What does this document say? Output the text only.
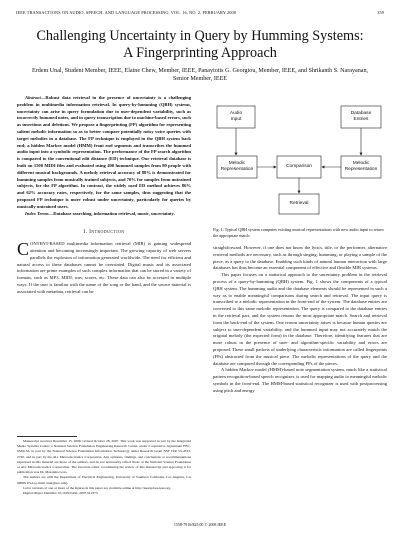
IEEE TRANSACTIONS ON AUDIO, SPEECH, AND LANGUAGE PROCESSING, VOL. 16, NO. 2, FEBRUARY 2008	359
Challenging Uncertainty in Query by Humming Systems: A Fingerprinting Approach
Erdem Unal, Student Member, IEEE, Elaine Chew, Member, IEEE, Panayiotis G. Georgiou, Member, IEEE, and Shrikanth S. Narayanan, Senior Member, IEEE

Abstract—Robust data retrieval in the presence of uncertainty is a challenging problem in multimedia information retrieval. In query-by-humming (QBH) systems, uncertainty can arise in query formulation due to user-dependent variability, such as incorrectly hummed notes, and in query transcription due to machine-based errors, such as insertions and deletions. We propose a fingerprinting (FP) algorithm for representing salient melodic information so as to better compare potentially noisy voice queries with target melodies in a database. The FP technique is employed in the QBH system back end; a hidden Markov model (HMM) front end segments and transcribes the hummed audio input into a symbolic representation. The performance of the FP search algorithm is compared to the conventional edit distance (ED) technique. Our retrieval database is built on 1500 MIDI files and evaluated using 400 hummed samples from 80 people with different musical backgrounds. A melody retrieval accuracy of 88% is demonstrated for humming samples from musically trained subjects, and 70% for samples from untrained subjects, for the FP algorithm. In contrast, the widely used ED method achieves 86% and 62% accuracy rates, respectively, for the same samples, thus suggesting that the proposed FP technique is more robust under uncertainty, particularly for queries by musically untrained users.

Index Terms—Database searching, information retrieval, music, uncertainty.

I. Introduction

CONTENT-BASED multimedia information retrieval (MIR) is gaining widespread attention and becoming increasingly important. The growing capacity of web servers parallels the explosion of information generated worldwide. The need for efficient and natural access to these databases cannot be overstated. Digital music and its associated information are prime examples of such complex information that can be stored in a variety of formats, such as MP3, MIDI, wav, scores, etc. These data can also be accessed in multiple ways. If the user is familiar with the name of the song or the band, and the source material is associated with metadata, retrieval can be

Manuscript received December 15, 2006; revised October 28, 2007. This work was supported in part by the Integrated Media Systems Center, a National Science Foundation Engineering Research Center, under Cooperative Agreement EEC-9529152, in part by the National Science Foundation Information Technology under Research Grant NSF ITR 53-4533-2720, and in part by the ALi Microelectronics Corporation. Any opinions, findings, and conclusions or recommendations expressed in this material are those of the authors, and do not necessarily reflect those of the National Science Foundation or ALi Microelectronics Corporation. The associate editor coordinating the review of this manuscript and approving it for publication was Dr. Masataka Goto.

The authors are with the Department of Electrical Engineering, University of Southern California, Los Angeles, CA 90089 USA (e-mail: unal@usc.edu).

Color versions of one or more of the figures in this paper are available online at http://ieeexplore.ieee.org.

Digital Object Identifier 10.1109/TASL.2007.912373

Audio
Input
Database
Entries
Melodic
Representation
Comparison
Melodic
Representation
Retrieval
Fig. 1. Typical QBH system computes existing musical representations with new audio input to return the appropriate match.

straightforward. However, if one does not know the lyrics, title, or the performer, alternative retrieval methods are necessary, such as through singing, humming, or playing a sample of the piece, as a query to the database. Enabling such kinds of natural human interaction with large databases has thus become an essential component of effective and flexible MIR systems.

This paper focuses on a statistical approach to the uncertainty problem in the retrieval process of a query-by-humming (QBH) system. Fig. 1 shows the components of a typical QBH system. The humming audio and the database elements should be represented in such a way as to enable meaningful comparisons during search and retrieval. The input query is transcribed to a melodic representation in the front-end of the system. The database entries are converted to this same melodic representation. The query is compared to the database entries in the retrieval part, and the system returns the most appropriate match. Search and retrieval form the back-end of the system. One reason uncertainty arises is because human queries are subject to user-dependent variability, and the hummed input may not accurately match the original melody (the expected form) in the database. Therefore, identifying features that are more robust in the presence of user- and algorithm-specific variability and errors are proposed. These small packets of underlying characteristic information are called fingerprints (FPs) abstracted from the musical piece. The melodic representations of the query and the database are compared through the corresponding FPs of the pieces.

A hidden Markov model (HMM)-based note segmentation system, much like a statistical pattern recognition-based speech recognizer, is used for mapping audio to meaningful melodic symbols in the front-end. The HMM-based statistical recognizer is used with postprocessing using pitch and energy

1558-7916/$25.00 © 2008 IEEE
